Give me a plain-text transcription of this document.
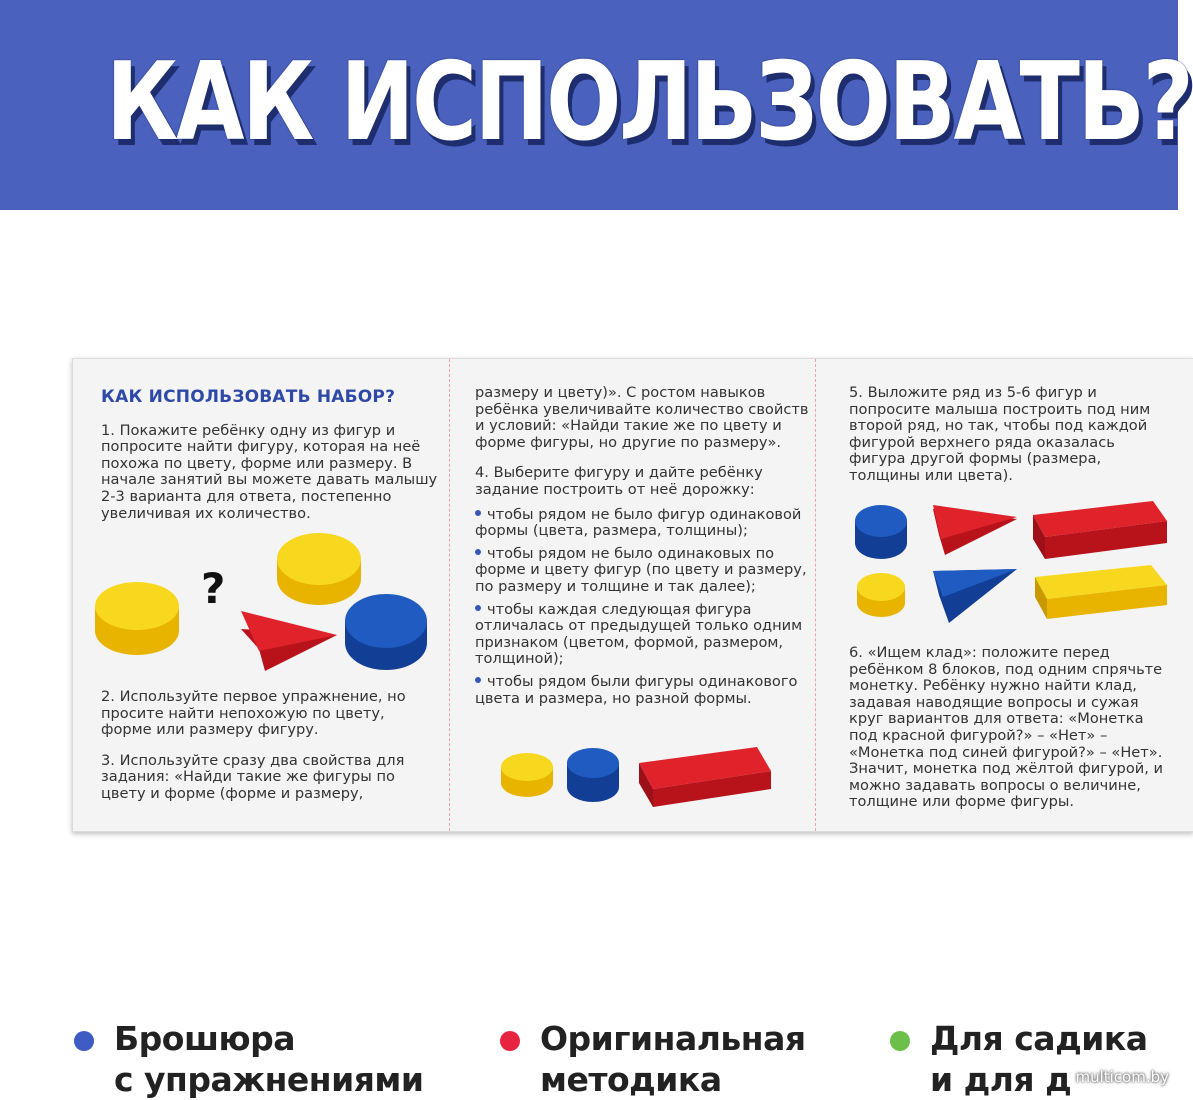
КАК ИСПОЛЬЗОВАТЬ?
КАК ИСПОЛЬЗОВАТЬ НАБОР?

1. Покажите ребёнку одну из фигур и попросите найти фигуру, которая на неё похожа по цвету, форме или размеру. В начале занятий вы можете давать малышу 2-3 варианта для ответа, постепенно увеличивая их количество.

?

2. Используйте первое упражнение, но просите найти непохожую по цвету, форме или размеру фигуру.

3. Используйте сразу два свойства для задания: «Найди такие же фигуры по цвету и форме (форме и размеру,

размеру и цвету)». С ростом навыков ребёнка увеличивайте количество свойств и условий: «Найди такие же по цвету и форме фигуры, но другие по размеру».

4. Выберите фигуру и дайте ребёнку задание построить от неё дорожку:

чтобы рядом не было фигур одинаковой формы (цвета, размера, толщины);
чтобы рядом не было одинаковых по форме и цвету фигур (по цвету и размеру, по размеру и толщине и так далее);
чтобы каждая следующая фигура отличалась от предыдущей только одним признаком (цветом, формой, размером, толщиной);
чтобы рядом были фигуры одинакового цвета и размера, но разной формы.

5. Выложите ряд из 5-6 фигур и попросите малыша построить под ним второй ряд, но так, чтобы под каждой фигурой верхнего ряда оказалась фигура другой формы (размера, толщины или цвета).

6. «Ищем клад»: положите перед ребёнком 8 блоков, под одним спрячьте монетку. Ребёнку нужно найти клад, задавая наводящие вопросы и сужая круг вариантов для ответа: «Монетка под красной фигурой?» – «Нет» – «Монетка под синей фигурой?» – «Нет». Значит, монетка под жёлтой фигурой, и можно задавать вопросы о величине, толщине или форме фигуры.

Брошюра
с упражнениями
Оригинальная
методика
Для садика
и для д multicom.by
